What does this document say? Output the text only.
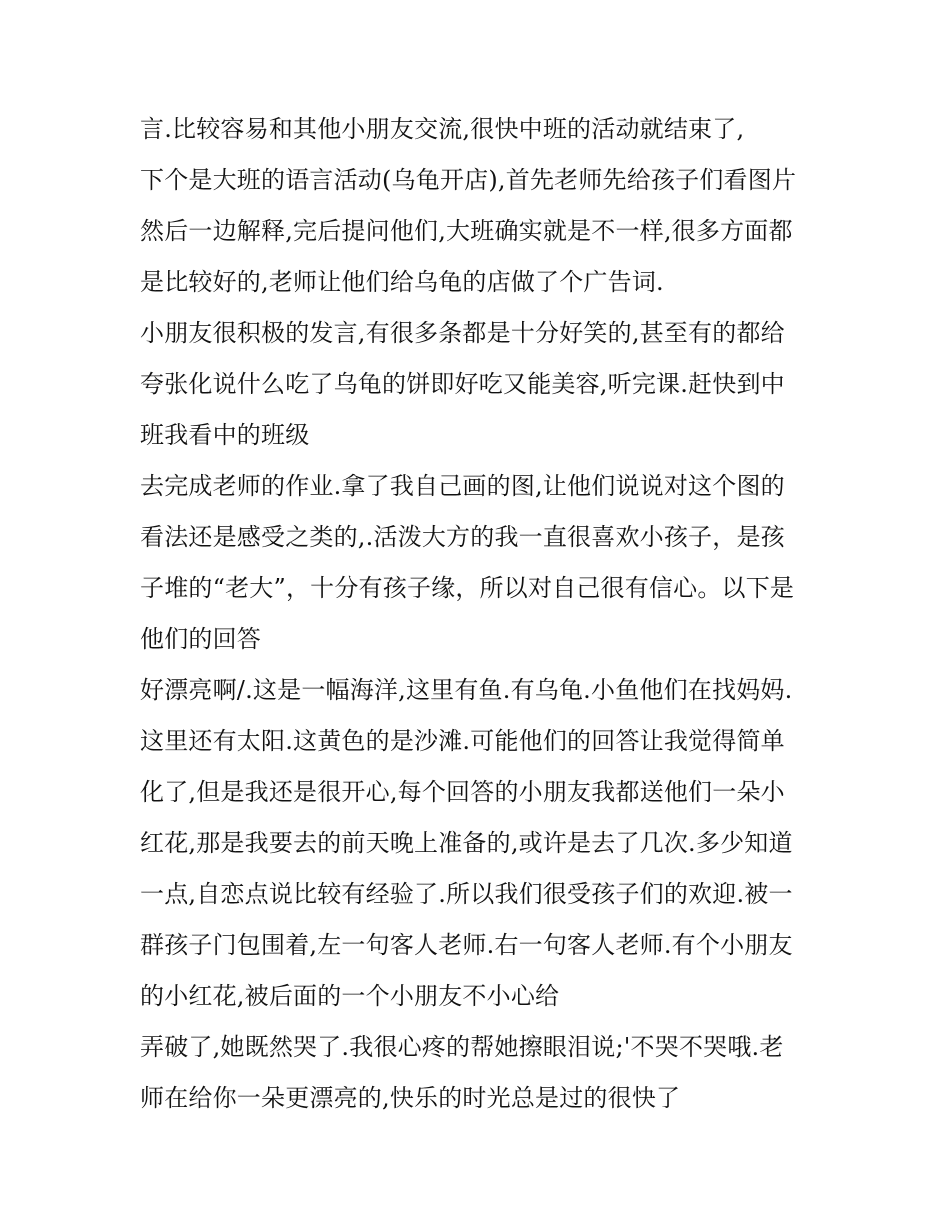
言.比较容易和其他小朋友交流,很快中班的活动就结束了,
下个是大班的语言活动(乌龟开店),首先老师先给孩子们看图片
然后一边解释,完后提问他们,大班确实就是不一样,很多方面都
是比较好的,老师让他们给乌龟的店做了个广告词.
小朋友很积极的发言,有很多条都是十分好笑的,甚至有的都给
夸张化说什么吃了乌龟的饼即好吃又能美容,听完课.赶快到中
班我看中的班级
去完成老师的作业.拿了我自己画的图,让他们说说对这个图的
看法还是感受之类的,.活泼大方的我一直很喜欢小孩子，是孩
子堆的“老大”，十分有孩子缘，所以对自己很有信心。以下是
他们的回答
好漂亮啊/.这是一幅海洋,这里有鱼.有乌龟.小鱼他们在找妈妈.
这里还有太阳.这黄色的是沙滩.可能他们的回答让我觉得简单
化了,但是我还是很开心,每个回答的小朋友我都送他们一朵小
红花,那是我要去的前天晚上准备的,或许是去了几次.多少知道
一点,自恋点说比较有经验了.所以我们很受孩子们的欢迎.被一
群孩子门包围着,左一句客人老师.右一句客人老师.有个小朋友
的小红花,被后面的一个小朋友不小心给
弄破了,她既然哭了.我很心疼的帮她擦眼泪说;'不哭不哭哦.老
师在给你一朵更漂亮的,快乐的时光总是过的很快了
